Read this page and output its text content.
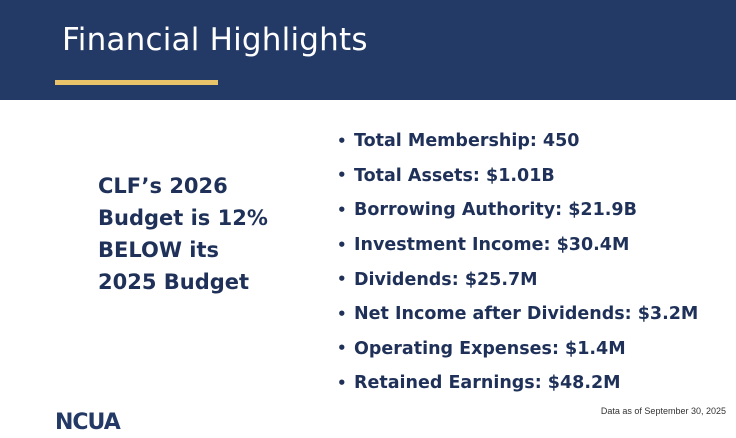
Financial Highlights

CLF’s 2026
Budget is 12%
BELOW its
2025 Budget

• Total Membership: 450
• Total Assets: $1.01B
• Borrowing Authority: $21.9B
• Investment Income: $30.4M
• Dividends: $25.7M
• Net Income after Dividends: $3.2M
• Operating Expenses: $1.4M
• Retained Earnings: $48.2M
NCUA	Data as of September 30, 2025
